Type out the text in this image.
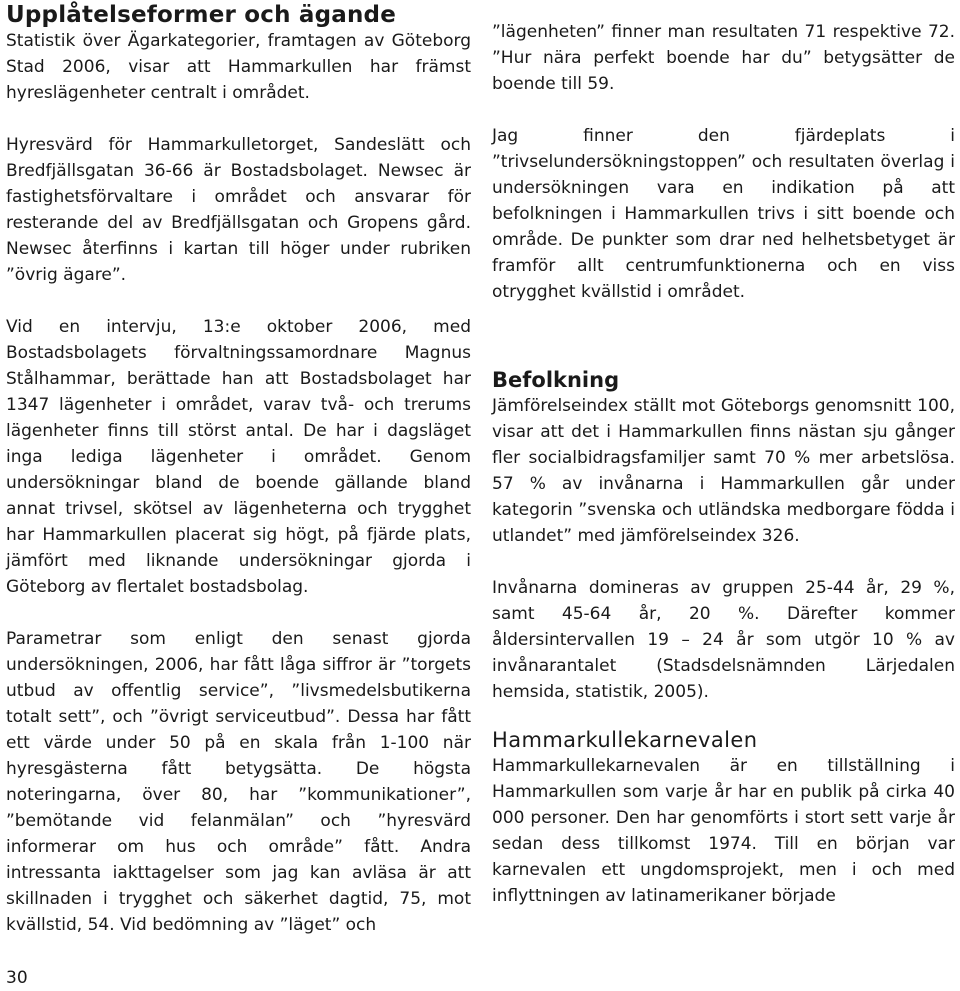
Upplåtelseformer och ägande

Statistik över Ägarkategorier, framtagen av Göteborg Stad 2006, visar att Hammarkullen har främst hyreslägenheter centralt i området.

Hyresvärd för Hammarkulletorget, Sandeslätt och Bredfjällsgatan 36-66 är Bostadsbolaget. Newsec är fastighetsförvaltare i området och ansvarar för resterande del av Bredfjällsgatan och Gropens gård. Newsec återfinns i kartan till höger under rubriken ”övrig ägare”.

Vid en intervju, 13:e oktober 2006, med Bostadsbolagets förvaltningssamordnare Magnus Stålhammar, berättade han att Bostadsbolaget har 1347 lägenheter i området, varav två- och trerums lägenheter finns till störst antal. De har i dagsläget inga lediga lägenheter i området. Genom undersökningar bland de boende gällande bland annat trivsel, skötsel av lägenheterna och trygghet har Hammarkullen placerat sig högt, på fjärde plats, jämfört med liknande undersökningar gjorda i Göteborg av flertalet bostadsbolag.

Parametrar som enligt den senast gjorda undersökningen, 2006, har fått låga siffror är ”torgets utbud av offentlig service”, ”livsmedelsbutikerna totalt sett”, och ”övrigt serviceutbud”. Dessa har fått ett värde under 50 på en skala från 1-100 när hyresgästerna fått betygsätta. De högsta noteringarna, över 80, har ”kommunikationer”, ”bemötande vid felanmälan” och ”hyresvärd informerar om hus och område” fått. Andra intressanta iakttagelser som jag kan avläsa är att skillnaden i trygghet och säkerhet dagtid, 75, mot kvällstid, 54. Vid bedömning av ”läget” och

”lägenheten” finner man resultaten 71 respektive 72. ”Hur nära perfekt boende har du” betygsätter de boende till 59.

Jag finner den fjärdeplats i ”trivselundersökningstoppen” och resultaten överlag i undersökningen vara en indikation på att befolkningen i Hammarkullen trivs i sitt boende och område. De punkter som drar ned helhetsbetyget är framför allt centrumfunktionerna och en viss otrygghet kvällstid i området.

Befolkning

Jämförelseindex ställt mot Göteborgs genomsnitt 100, visar att det i Hammarkullen finns nästan sju gånger fler socialbidragsfamiljer samt 70 % mer arbetslösa. 57 % av invånarna i Hammarkullen går under kategorin ”svenska och utländska medborgare födda i utlandet” med jämförelseindex 326.

Invånarna domineras av gruppen 25-44 år, 29 %, samt 45-64 år, 20 %. Därefter kommer åldersintervallen 19 – 24 år som utgör 10 % av invånarantalet (Stadsdelsnämnden Lärjedalen hemsida, statistik, 2005).

Hammarkullekarnevalen

Hammarkullekarnevalen är en tillställning i Hammarkullen som varje år har en publik på cirka 40 000 personer. Den har genomförts i stort sett varje år sedan dess tillkomst 1974. Till en början var karnevalen ett ungdomsprojekt, men i och med inflyttningen av latinamerikaner började

30
